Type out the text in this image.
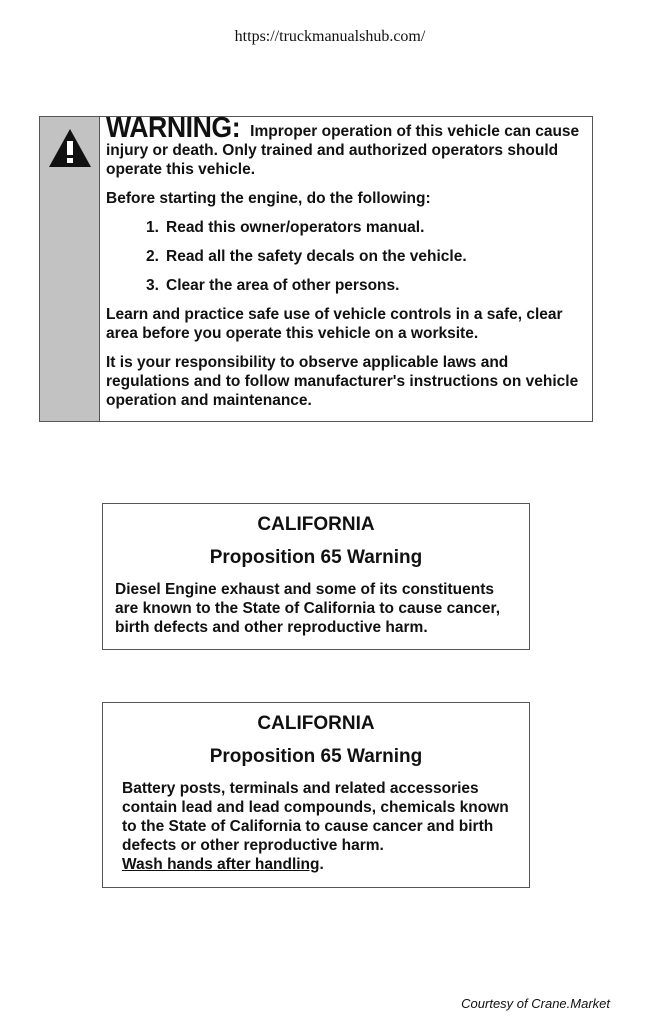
https://truckmanualshub.com/

WARNING: Improper operation of this vehicle can cause injury or death. Only trained and authorized operators should operate this vehicle.

Before starting the engine, do the following:

1. Read this owner/operators manual.
2. Read all the safety decals on the vehicle.
3. Clear the area of other persons.

Learn and practice safe use of vehicle controls in a safe, clear area before you operate this vehicle on a worksite.

It is your responsibility to observe applicable laws and regulations and to follow manufacturer's instructions on vehicle operation and maintenance.

CALIFORNIA
Proposition 65 Warning
Diesel Engine exhaust and some of its constituents are known to the State of California to cause cancer, birth defects and other reproductive harm.
CALIFORNIA
Proposition 65 Warning
Battery posts, terminals and related accessories contain lead and lead compounds, chemicals known to the State of California to cause cancer and birth defects or other reproductive harm.
Wash hands after handling.
Courtesy of Crane.Market
